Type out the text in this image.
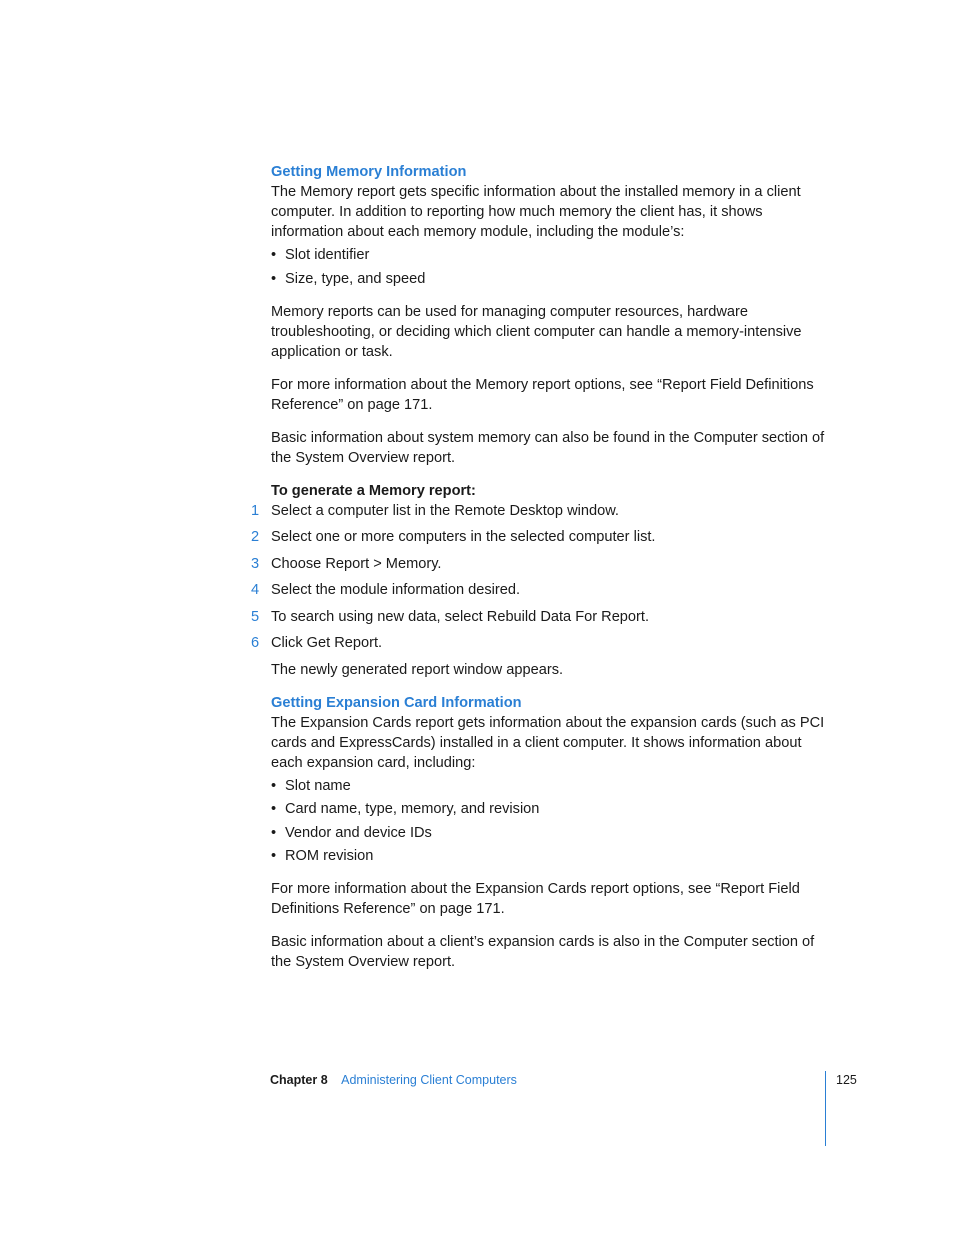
Getting Memory Information

The Memory report gets specific information about the installed memory in a client computer. In addition to reporting how much memory the client has, it shows information about each memory module, including the module’s:

• Slot identifier
• Size, type, and speed

Memory reports can be used for managing computer resources, hardware troubleshooting, or deciding which client computer can handle a memory-intensive application or task.

For more information about the Memory report options, see “Report Field Definitions Reference” on page 171.

Basic information about system memory can also be found in the Computer section of the System Overview report.

To generate a Memory report:

1 Select a computer list in the Remote Desktop window.
2 Select one or more computers in the selected computer list.
3 Choose Report > Memory.
4 Select the module information desired.
5 To search using new data, select Rebuild Data For Report.
6 Click Get Report.

The newly generated report window appears.

Getting Expansion Card Information

The Expansion Cards report gets information about the expansion cards (such as PCI cards and ExpressCards) installed in a client computer. It shows information about each expansion card, including:

• Slot name
• Card name, type, memory, and revision
• Vendor and device IDs
• ROM revision

For more information about the Expansion Cards report options, see “Report Field Definitions Reference” on page 171.

Basic information about a client’s expansion cards is also in the Computer section of the System Overview report.

Chapter 8 Administering Client Computers	125
